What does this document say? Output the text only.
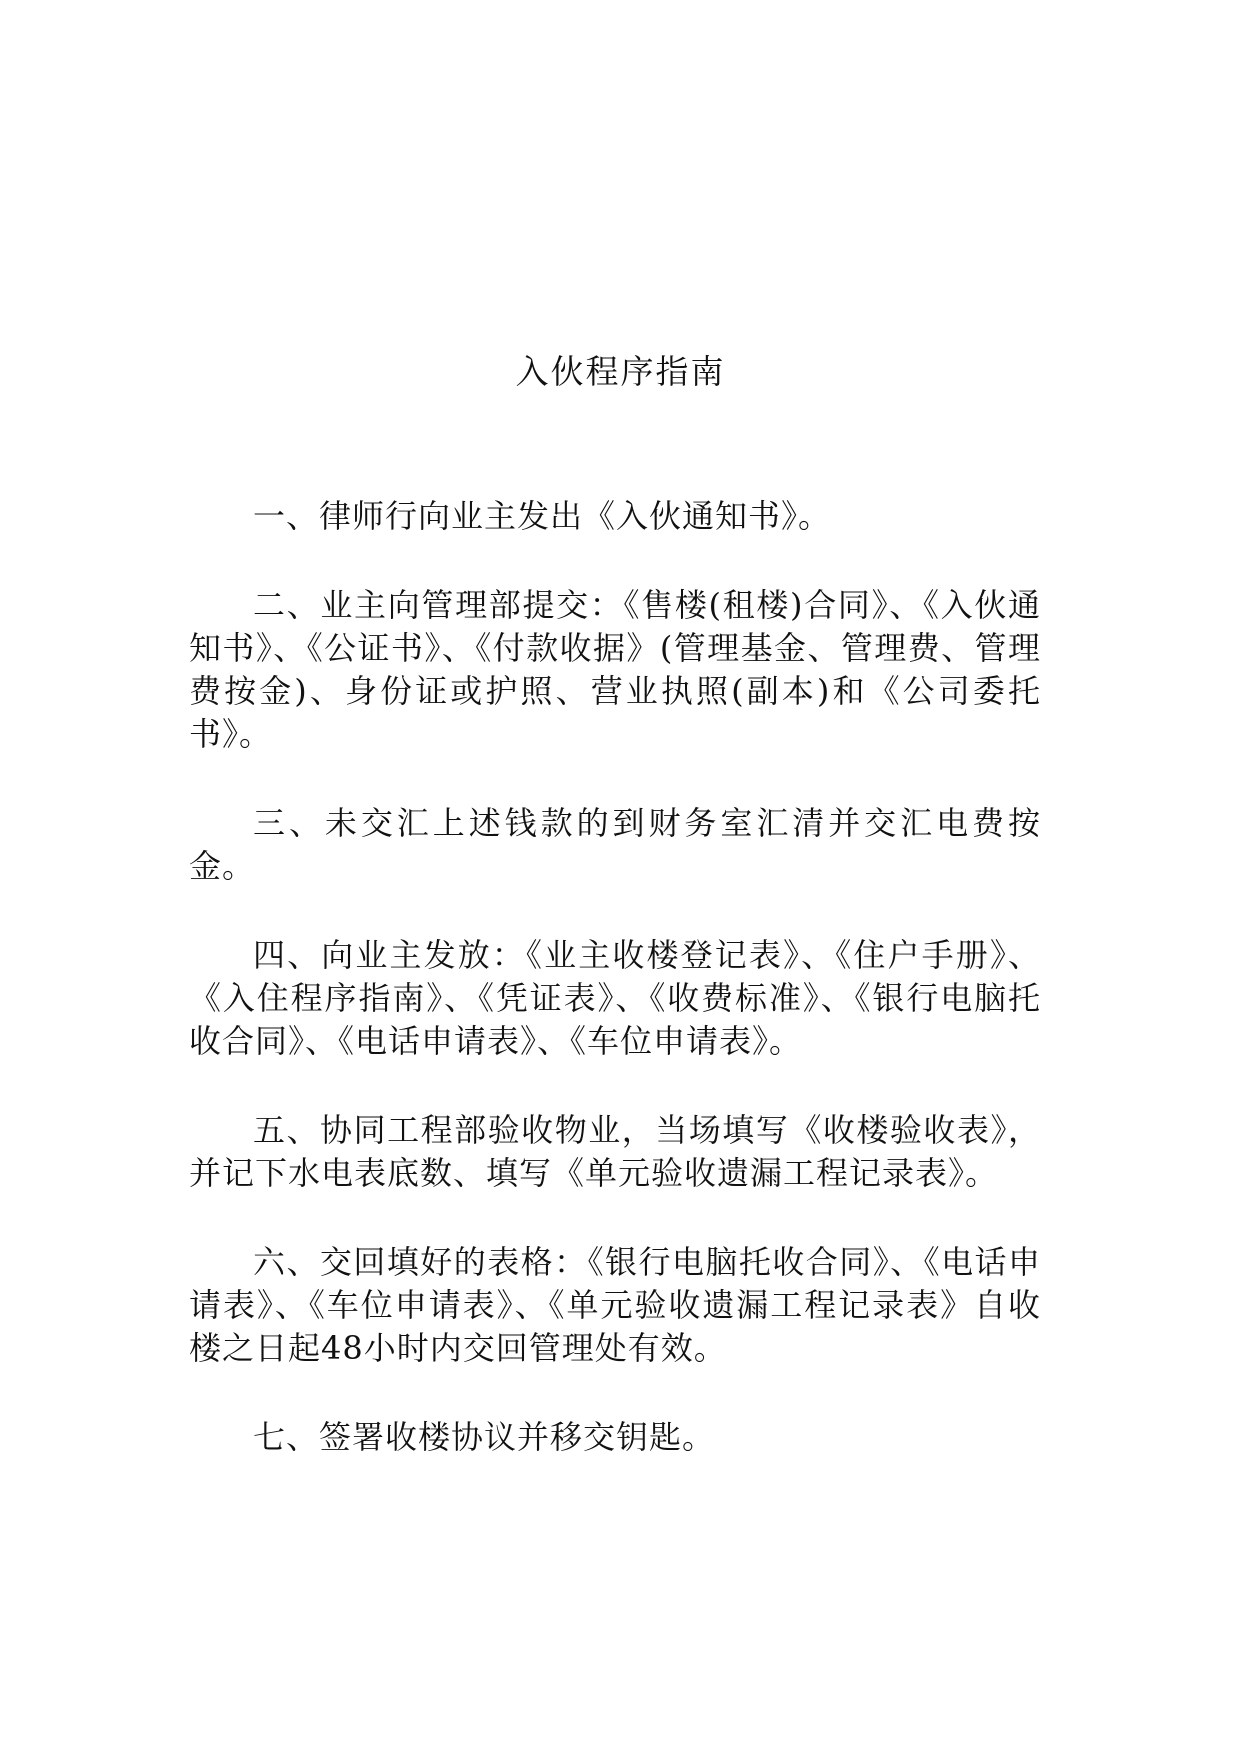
入伙程序指南

一、律师行向业主发出《入伙通知书》。

二、业主向管理部提交：《售楼(租楼)合同》、《入伙通知书》、《公证书》、《付款收据》(管理基金、管理费、管理费按金)、身份证或护照、营业执照(副本)和《公司委托书》。

三、未交汇上述钱款的到财务室汇清并交汇电费按金。

四、向业主发放：《业主收楼登记表》、《住户手册》、《入住程序指南》、《凭证表》、《收费标准》、《银行电脑托收合同》、《电话申请表》、《车位申请表》。

五、协同工程部验收物业，当场填写《收楼验收表》，并记下水电表底数、填写《单元验收遗漏工程记录表》。

六、交回填好的表格：《银行电脑托收合同》、《电话申请表》、《车位申请表》、《单元验收遗漏工程记录表》自收楼之日起48小时内交回管理处有效。

七、签署收楼协议并移交钥匙。
